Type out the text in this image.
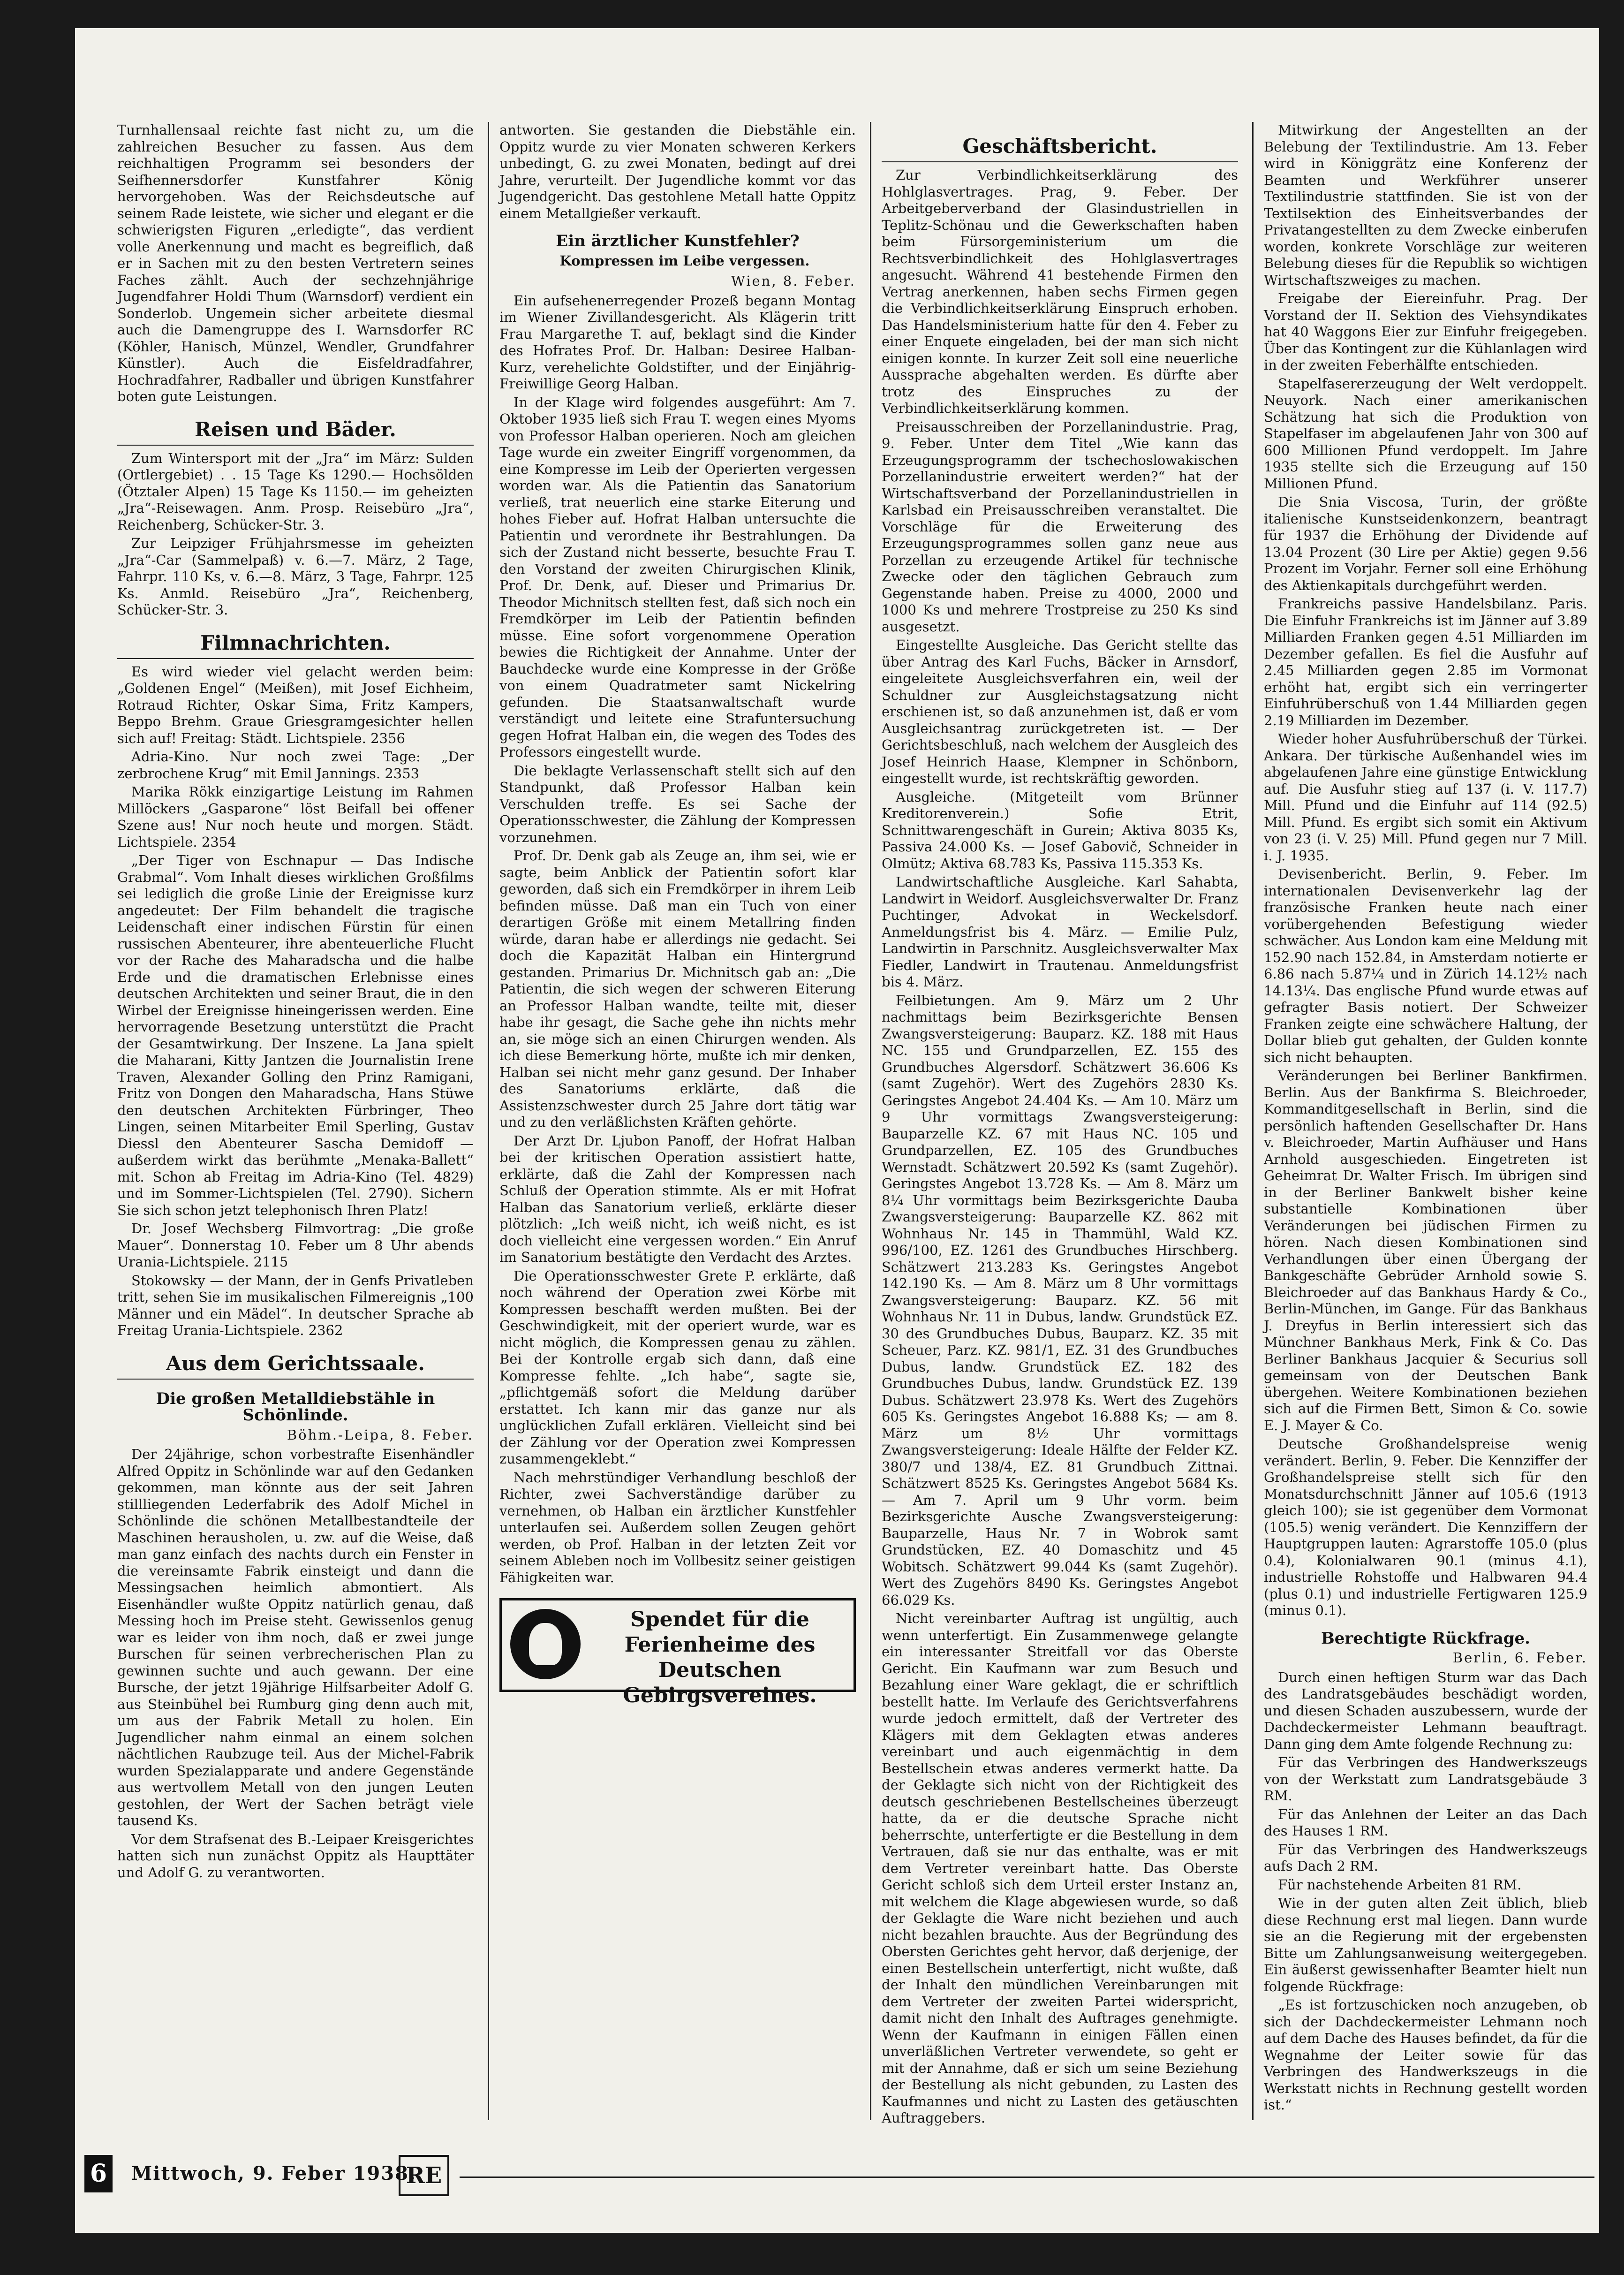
Turnhallensaal reichte fast nicht zu, um die zahlreichen Besucher zu fassen. Aus dem reichhaltigen Programm sei besonders der Seifhennersdorfer Kunstfahrer König hervorgehoben. Was der Reichsdeutsche auf seinem Rade leistete, wie sicher und elegant er die schwierigsten Figuren „erledigte“, das verdient volle Anerkennung und macht es begreiflich, daß er in Sachen mit zu den besten Vertretern seines Faches zählt. Auch der sechzehnjährige Jugendfahrer Holdi Thum (Warnsdorf) verdient ein Sonderlob. Ungemein sicher arbeitete diesmal auch die Damengruppe des I. Warnsdorfer RC (Köhler, Hanisch, Münzel, Wendler, Grundfahrer Künstler). Auch die Eisfeldradfahrer, Hochradfahrer, Radballer und übrigen Kunstfahrer boten gute Leistungen.

Reisen und Bäder.

Zum Wintersport mit der „Jra“ im März: Sulden (Ortlergebiet) . . 15 Tage Ks 1290.— Hochsölden (Ötztaler Alpen) 15 Tage Ks 1150.— im geheizten „Jra“-Reisewagen. Anm. Prosp. Reisebüro „Jra“, Reichenberg, Schücker-Str. 3.

Zur Leipziger Frühjahrsmesse im geheizten „Jra“-Car (Sammelpaß) v. 6.—7. März, 2 Tage, Fahrpr. 110 Ks, v. 6.—8. März, 3 Tage, Fahrpr. 125 Ks. Anmld. Reisebüro „Jra“, Reichenberg, Schücker-Str. 3.

Filmnachrichten.

Es wird wieder viel gelacht werden beim: „Goldenen Engel“ (Meißen), mit Josef Eichheim, Rotraud Richter, Oskar Sima, Fritz Kampers, Beppo Brehm. Graue Griesgramgesichter hellen sich auf! Freitag: Städt. Lichtspiele. 2356

Adria-Kino. Nur noch zwei Tage: „Der zerbrochene Krug“ mit Emil Jannings. 2353

Marika Rökk einzigartige Leistung im Rahmen Millöckers „Gasparone“ löst Beifall bei offener Szene aus! Nur noch heute und morgen. Städt. Lichtspiele. 2354

„Der Tiger von Eschnapur — Das Indische Grabmal“. Vom Inhalt dieses wirklichen Großfilms sei lediglich die große Linie der Ereignisse kurz angedeutet: Der Film behandelt die tragische Leidenschaft einer indischen Fürstin für einen russischen Abenteurer, ihre abenteuerliche Flucht vor der Rache des Maharadscha und die halbe Erde und die dramatischen Erlebnisse eines deutschen Architekten und seiner Braut, die in den Wirbel der Ereignisse hineingerissen werden. Eine hervorragende Besetzung unterstützt die Pracht der Gesamtwirkung. Der Inszene. La Jana spielt die Maharani, Kitty Jantzen die Journalistin Irene Traven, Alexander Golling den Prinz Ramigani, Fritz von Dongen den Maharadscha, Hans Stüwe den deutschen Architekten Fürbringer, Theo Lingen, seinen Mitarbeiter Emil Sperling, Gustav Diessl den Abenteurer Sascha Demidoff — außerdem wirkt das berühmte „Menaka-Ballett“ mit. Schon ab Freitag im Adria-Kino (Tel. 4829) und im Sommer-Lichtspielen (Tel. 2790). Sichern Sie sich schon jetzt telephonisch Ihren Platz!

Dr. Josef Wechsberg Filmvortrag: „Die große Mauer“. Donnerstag 10. Feber um 8 Uhr abends Urania-Lichtspiele. 2115

Stokowsky — der Mann, der in Genfs Privatleben tritt, sehen Sie im musikalischen Filmereignis „100 Männer und ein Mädel“. In deutscher Sprache ab Freitag Urania-Lichtspiele. 2362

Aus dem Gerichtssaale.
Die großen Metalldiebstähle in Schönlinde.

Böhm.-Leipa, 8. Feber.

Der 24jährige, schon vorbestrafte Eisenhändler Alfred Oppitz in Schönlinde war auf den Gedanken gekommen, man könnte aus der seit Jahren stillliegenden Lederfabrik des Adolf Michel in Schönlinde die schönen Metallbestandteile der Maschinen herausholen, u. zw. auf die Weise, daß man ganz einfach des nachts durch ein Fenster in die vereinsamte Fabrik einsteigt und dann die Messingsachen heimlich abmontiert. Als Eisenhändler wußte Oppitz natürlich genau, daß Messing hoch im Preise steht. Gewissenlos genug war es leider von ihm noch, daß er zwei junge Burschen für seinen verbrecherischen Plan zu gewinnen suchte und auch gewann. Der eine Bursche, der jetzt 19jährige Hilfsarbeiter Adolf G. aus Steinbühel bei Rumburg ging denn auch mit, um aus der Fabrik Metall zu holen. Ein Jugendlicher nahm einmal an einem solchen nächtlichen Raubzuge teil. Aus der Michel-Fabrik wurden Spezialapparate und andere Gegenstände aus wertvollem Metall von den jungen Leuten gestohlen, der Wert der Sachen beträgt viele tausend Ks.

Vor dem Strafsenat des B.-Leipaer Kreisgerichtes hatten sich nun zunächst Oppitz als Haupttäter und Adolf G. zu verantworten.

antworten. Sie gestanden die Diebstähle ein. Oppitz wurde zu vier Monaten schweren Kerkers unbedingt, G. zu zwei Monaten, bedingt auf drei Jahre, verurteilt. Der Jugendliche kommt vor das Jugendgericht. Das gestohlene Metall hatte Oppitz einem Metallgießer verkauft.

Ein ärztlicher Kunstfehler?

Kompressen im Leibe vergessen.

Wien, 8. Feber.

Ein aufsehenerregender Prozeß begann Montag im Wiener Zivillandesgericht. Als Klägerin tritt Frau Margarethe T. auf, beklagt sind die Kinder des Hofrates Prof. Dr. Halban: Desiree Halban-Kurz, verehelichte Goldstifter, und der Einjährig-Freiwillige Georg Halban.

In der Klage wird folgendes ausgeführt: Am 7. Oktober 1935 ließ sich Frau T. wegen eines Myoms von Professor Halban operieren. Noch am gleichen Tage wurde ein zweiter Eingriff vorgenommen, da eine Kompresse im Leib der Operierten vergessen worden war. Als die Patientin das Sanatorium verließ, trat neuerlich eine starke Eiterung und hohes Fieber auf. Hofrat Halban untersuchte die Patientin und verordnete ihr Bestrahlungen. Da sich der Zustand nicht besserte, besuchte Frau T. den Vorstand der zweiten Chirurgischen Klinik, Prof. Dr. Denk, auf. Dieser und Primarius Dr. Theodor Michnitsch stellten fest, daß sich noch ein Fremdkörper im Leib der Patientin befinden müsse. Eine sofort vorgenommene Operation bewies die Richtigkeit der Annahme. Unter der Bauchdecke wurde eine Kompresse in der Größe von einem Quadratmeter samt Nickelring gefunden. Die Staatsanwaltschaft wurde verständigt und leitete eine Strafuntersuchung gegen Hofrat Halban ein, die wegen des Todes des Professors eingestellt wurde.

Die beklagte Verlassenschaft stellt sich auf den Standpunkt, daß Professor Halban kein Verschulden treffe. Es sei Sache der Operationsschwester, die Zählung der Kompressen vorzunehmen.

Prof. Dr. Denk gab als Zeuge an, ihm sei, wie er sagte, beim Anblick der Patientin sofort klar geworden, daß sich ein Fremdkörper in ihrem Leib befinden müsse. Daß man ein Tuch von einer derartigen Größe mit einem Metallring finden würde, daran habe er allerdings nie gedacht. Sei doch die Kapazität Halban ein Hintergrund gestanden. Primarius Dr. Michnitsch gab an: „Die Patientin, die sich wegen der schweren Eiterung an Professor Halban wandte, teilte mit, dieser habe ihr gesagt, die Sache gehe ihn nichts mehr an, sie möge sich an einen Chirurgen wenden. Als ich diese Bemerkung hörte, mußte ich mir denken, Halban sei nicht mehr ganz gesund. Der Inhaber des Sanatoriums erklärte, daß die Assistenzschwester durch 25 Jahre dort tätig war und zu den verläßlichsten Kräften gehörte.

Der Arzt Dr. Ljubon Panoff, der Hofrat Halban bei der kritischen Operation assistiert hatte, erklärte, daß die Zahl der Kompressen nach Schluß der Operation stimmte. Als er mit Hofrat Halban das Sanatorium verließ, erklärte dieser plötzlich: „Ich weiß nicht, ich weiß nicht, es ist doch vielleicht eine vergessen worden.“ Ein Anruf im Sanatorium bestätigte den Verdacht des Arztes.

Die Operationsschwester Grete P. erklärte, daß noch während der Operation zwei Körbe mit Kompressen beschafft werden mußten. Bei der Geschwindigkeit, mit der operiert wurde, war es nicht möglich, die Kompressen genau zu zählen. Bei der Kontrolle ergab sich dann, daß eine Kompresse fehlte. „Ich habe“, sagte sie, „pflichtgemäß sofort die Meldung darüber erstattet. Ich kann mir das ganze nur als unglücklichen Zufall erklären. Vielleicht sind bei der Zählung vor der Operation zwei Kompressen zusammengeklebt.“

Nach mehrstündiger Verhandlung beschloß der Richter, zwei Sachverständige darüber zu vernehmen, ob Halban ein ärztlicher Kunstfehler unterlaufen sei. Außerdem sollen Zeugen gehört werden, ob Prof. Halban in der letzten Zeit vor seinem Ableben noch im Vollbesitz seiner geistigen Fähigkeiten war.

Spendet für die Ferienheime des Deutschen Gebirgsvereines.
Geschäftsbericht.

Zur Verbindlichkeitserklärung des Hohlglasvertrages. Prag, 9. Feber. Der Arbeitgeberverband der Glasindustriellen in Teplitz-Schönau und die Gewerkschaften haben beim Fürsorgeministerium um die Rechtsverbindlichkeit des Hohlglasvertrages angesucht. Während 41 bestehende Firmen den Vertrag anerkennen, haben sechs Firmen gegen die Verbindlichkeitserklärung Einspruch erhoben. Das Handelsministerium hatte für den 4. Feber zu einer Enquete eingeladen, bei der man sich nicht einigen konnte. In kurzer Zeit soll eine neuerliche Aussprache abgehalten werden. Es dürfte aber trotz des Einspruches zu der Verbindlichkeitserklärung kommen.

Preisausschreiben der Porzellanindustrie. Prag, 9. Feber. Unter dem Titel „Wie kann das Erzeugungsprogramm der tschechoslowakischen Porzellanindustrie erweitert werden?“ hat der Wirtschaftsverband der Porzellanindustriellen in Karlsbad ein Preisausschreiben veranstaltet. Die Vorschläge für die Erweiterung des Erzeugungsprogrammes sollen ganz neue aus Porzellan zu erzeugende Artikel für technische Zwecke oder den täglichen Gebrauch zum Gegenstande haben. Preise zu 4000, 2000 und 1000 Ks und mehrere Trostpreise zu 250 Ks sind ausgesetzt.

Eingestellte Ausgleiche. Das Gericht stellte das über Antrag des Karl Fuchs, Bäcker in Arnsdorf, eingeleitete Ausgleichsverfahren ein, weil der Schuldner zur Ausgleichstagsatzung nicht erschienen ist, so daß anzunehmen ist, daß er vom Ausgleichsantrag zurückgetreten ist. — Der Gerichtsbeschluß, nach welchem der Ausgleich des Josef Heinrich Haase, Klempner in Schönborn, eingestellt wurde, ist rechtskräftig geworden.

Ausgleiche. (Mitgeteilt vom Brünner Kreditorenverein.) Sofie Etrit, Schnittwarengeschäft in Gurein; Aktiva 8035 Ks, Passiva 24.000 Ks. — Josef Gabovič, Schneider in Olmütz; Aktiva 68.783 Ks, Passiva 115.353 Ks.

Landwirtschaftliche Ausgleiche. Karl Sahabta, Landwirt in Weidorf. Ausgleichsverwalter Dr. Franz Puchtinger, Advokat in Weckelsdorf. Anmeldungsfrist bis 4. März. — Emilie Pulz, Landwirtin in Parschnitz. Ausgleichsverwalter Max Fiedler, Landwirt in Trautenau. Anmeldungsfrist bis 4. März.

Feilbietungen. Am 9. März um 2 Uhr nachmittags beim Bezirksgerichte Bensen Zwangsversteigerung: Bauparz. KZ. 188 mit Haus NC. 155 und Grundparzellen, EZ. 155 des Grundbuches Algersdorf. Schätzwert 36.606 Ks (samt Zugehör). Wert des Zugehörs 2830 Ks. Geringstes Angebot 24.404 Ks. — Am 10. März um 9 Uhr vormittags Zwangsversteigerung: Bauparzelle KZ. 67 mit Haus NC. 105 und Grundparzellen, EZ. 105 des Grundbuches Wernstadt. Schätzwert 20.592 Ks (samt Zugehör). Geringstes Angebot 13.728 Ks. — Am 8. März um 8¼ Uhr vormittags beim Bezirksgerichte Dauba Zwangsversteigerung: Bauparzelle KZ. 862 mit Wohnhaus Nr. 145 in Thammühl, Wald KZ. 996/100, EZ. 1261 des Grundbuches Hirschberg. Schätzwert 213.283 Ks. Geringstes Angebot 142.190 Ks. — Am 8. März um 8 Uhr vormittags Zwangsversteigerung: Bauparz. KZ. 56 mit Wohnhaus Nr. 11 in Dubus, landw. Grundstück EZ. 30 des Grundbuches Dubus, Bauparz. KZ. 35 mit Scheuer, Parz. KZ. 981/1, EZ. 31 des Grundbuches Dubus, landw. Grundstück EZ. 182 des Grundbuches Dubus, landw. Grundstück EZ. 139 Dubus. Schätzwert 23.978 Ks. Wert des Zugehörs 605 Ks. Geringstes Angebot 16.888 Ks; — am 8. März um 8½ Uhr vormittags Zwangsversteigerung: Ideale Hälfte der Felder KZ. 380/7 und 138/4, EZ. 81 Grundbuch Zittnai. Schätzwert 8525 Ks. Geringstes Angebot 5684 Ks. — Am 7. April um 9 Uhr vorm. beim Bezirksgerichte Ausche Zwangsversteigerung: Bauparzelle, Haus Nr. 7 in Wobrok samt Grundstücken, EZ. 40 Domaschitz und 45 Wobitsch. Schätzwert 99.044 Ks (samt Zugehör). Wert des Zugehörs 8490 Ks. Geringstes Angebot 66.029 Ks.

Nicht vereinbarter Auftrag ist ungültig, auch wenn unterfertigt. Ein Zusammenwege gelangte ein interessanter Streitfall vor das Oberste Gericht. Ein Kaufmann war zum Besuch und Bezahlung einer Ware geklagt, die er schriftlich bestellt hatte. Im Verlaufe des Gerichtsverfahrens wurde jedoch ermittelt, daß der Vertreter des Klägers mit dem Geklagten etwas anderes vereinbart und auch eigenmächtig in dem Bestellschein etwas anderes vermerkt hatte. Da der Geklagte sich nicht von der Richtigkeit des deutsch geschriebenen Bestellscheines überzeugt hatte, da er die deutsche Sprache nicht beherrschte, unterfertigte er die Bestellung in dem Vertrauen, daß sie nur das enthalte, was er mit dem Vertreter vereinbart hatte. Das Oberste Gericht schloß sich dem Urteil erster Instanz an, mit welchem die Klage abgewiesen wurde, so daß der Geklagte die Ware nicht beziehen und auch nicht bezahlen brauchte. Aus der Begründung des Obersten Gerichtes geht hervor, daß derjenige, der einen Bestellschein unterfertigt, nicht wußte, daß der Inhalt den mündlichen Vereinbarungen mit dem Vertreter der zweiten Partei widerspricht, damit nicht den Inhalt des Auftrages genehmigte. Wenn der Kaufmann in einigen Fällen einen unverläßlichen Vertreter verwendete, so geht er mit der Annahme, daß er sich um seine Beziehung der Bestellung als nicht gebunden, zu Lasten des Kaufmannes und nicht zu Lasten des getäuschten Auftraggebers.

Mitwirkung der Angestellten an der Belebung der Textilindustrie. Am 13. Feber wird in Königgrätz eine Konferenz der Beamten und Werkführer unserer Textilindustrie stattfinden. Sie ist von der Textilsektion des Einheitsverbandes der Privatangestellten zu dem Zwecke einberufen worden, konkrete Vorschläge zur weiteren Belebung dieses für die Republik so wichtigen Wirtschaftszweiges zu machen.

Freigabe der Eiereinfuhr. Prag. Der Vorstand der II. Sektion des Viehsyndikates hat 40 Waggons Eier zur Einfuhr freigegeben. Über das Kontingent zur die Kühlanlagen wird in der zweiten Feberhälfte entschieden.

Stapelfasererzeugung der Welt verdoppelt. Neuyork. Nach einer amerikanischen Schätzung hat sich die Produktion von Stapelfaser im abgelaufenen Jahr von 300 auf 600 Millionen Pfund verdoppelt. Im Jahre 1935 stellte sich die Erzeugung auf 150 Millionen Pfund.

Die Snia Viscosa, Turin, der größte italienische Kunstseidenkonzern, beantragt für 1937 die Erhöhung der Dividende auf 13.04 Prozent (30 Lire per Aktie) gegen 9.56 Prozent im Vorjahr. Ferner soll eine Erhöhung des Aktienkapitals durchgeführt werden.

Frankreichs passive Handelsbilanz. Paris. Die Einfuhr Frankreichs ist im Jänner auf 3.89 Milliarden Franken gegen 4.51 Milliarden im Dezember gefallen. Es fiel die Ausfuhr auf 2.45 Milliarden gegen 2.85 im Vormonat erhöht hat, ergibt sich ein verringerter Einfuhrüberschuß von 1.44 Milliarden gegen 2.19 Milliarden im Dezember.

Wieder hoher Ausfuhrüberschuß der Türkei. Ankara. Der türkische Außenhandel wies im abgelaufenen Jahre eine günstige Entwicklung auf. Die Ausfuhr stieg auf 137 (i. V. 117.7) Mill. Pfund und die Einfuhr auf 114 (92.5) Mill. Pfund. Es ergibt sich somit ein Aktivum von 23 (i. V. 25) Mill. Pfund gegen nur 7 Mill. i. J. 1935.

Devisenbericht. Berlin, 9. Feber. Im internationalen Devisenverkehr lag der französische Franken heute nach einer vorübergehenden Befestigung wieder schwächer. Aus London kam eine Meldung mit 152.90 nach 152.84, in Amsterdam notierte er 6.86 nach 5.87¼ und in Zürich 14.12½ nach 14.13¼. Das englische Pfund wurde etwas auf gefragter Basis notiert. Der Schweizer Franken zeigte eine schwächere Haltung, der Dollar blieb gut gehalten, der Gulden konnte sich nicht behaupten.

Veränderungen bei Berliner Bankfirmen. Berlin. Aus der Bankfirma S. Bleichroeder, Kommanditgesellschaft in Berlin, sind die persönlich haftenden Gesellschafter Dr. Hans v. Bleichroeder, Martin Aufhäuser und Hans Arnhold ausgeschieden. Eingetreten ist Geheimrat Dr. Walter Frisch. Im übrigen sind in der Berliner Bankwelt bisher keine substantielle Kombinationen über Veränderungen bei jüdischen Firmen zu hören. Nach diesen Kombinationen sind Verhandlungen über einen Übergang der Bankgeschäfte Gebrüder Arnhold sowie S. Bleichroeder auf das Bankhaus Hardy & Co., Berlin-München, im Gange. Für das Bankhaus J. Dreyfus in Berlin interessiert sich das Münchner Bankhaus Merk, Fink & Co. Das Berliner Bankhaus Jacquier & Securius soll gemeinsam von der Deutschen Bank übergehen. Weitere Kombinationen beziehen sich auf die Firmen Bett, Simon & Co. sowie E. J. Mayer & Co.

Deutsche Großhandelspreise wenig verändert. Berlin, 9. Feber. Die Kennziffer der Großhandelspreise stellt sich für den Monatsdurchschnitt Jänner auf 105.6 (1913 gleich 100); sie ist gegenüber dem Vormonat (105.5) wenig verändert. Die Kennziffern der Hauptgruppen lauten: Agrarstoffe 105.0 (plus 0.4), Kolonialwaren 90.1 (minus 4.1), industrielle Rohstoffe und Halbwaren 94.4 (plus 0.1) und industrielle Fertigwaren 125.9 (minus 0.1).

Berechtigte Rückfrage.

Berlin, 6. Feber.

Durch einen heftigen Sturm war das Dach des Landratsgebäudes beschädigt worden, und diesen Schaden auszubessern, wurde der Dachdeckermeister Lehmann beauftragt. Dann ging dem Amte folgende Rechnung zu:

Für das Verbringen des Handwerkszeugs von der Werkstatt zum Landratsgebäude 3 RM.

Für das Anlehnen der Leiter an das Dach des Hauses 1 RM.

Für das Verbringen des Handwerkszeugs aufs Dach 2 RM.

Für nachstehende Arbeiten 81 RM.

Wie in der guten alten Zeit üblich, blieb diese Rechnung erst mal liegen. Dann wurde sie an die Regierung mit der ergebensten Bitte um Zahlungsanweisung weitergegeben. Ein äußerst gewissenhafter Beamter hielt nun folgende Rückfrage:

„Es ist fortzuschicken noch anzugeben, ob sich der Dachdeckermeister Lehmann noch auf dem Dache des Hauses befindet, da für die Wegnahme der Leiter sowie für das Verbringen des Handwerkszeugs in die Werkstatt nichts in Rechnung gestellt worden ist.“

6 Mittwoch, 9. Feber 1938.
RE
